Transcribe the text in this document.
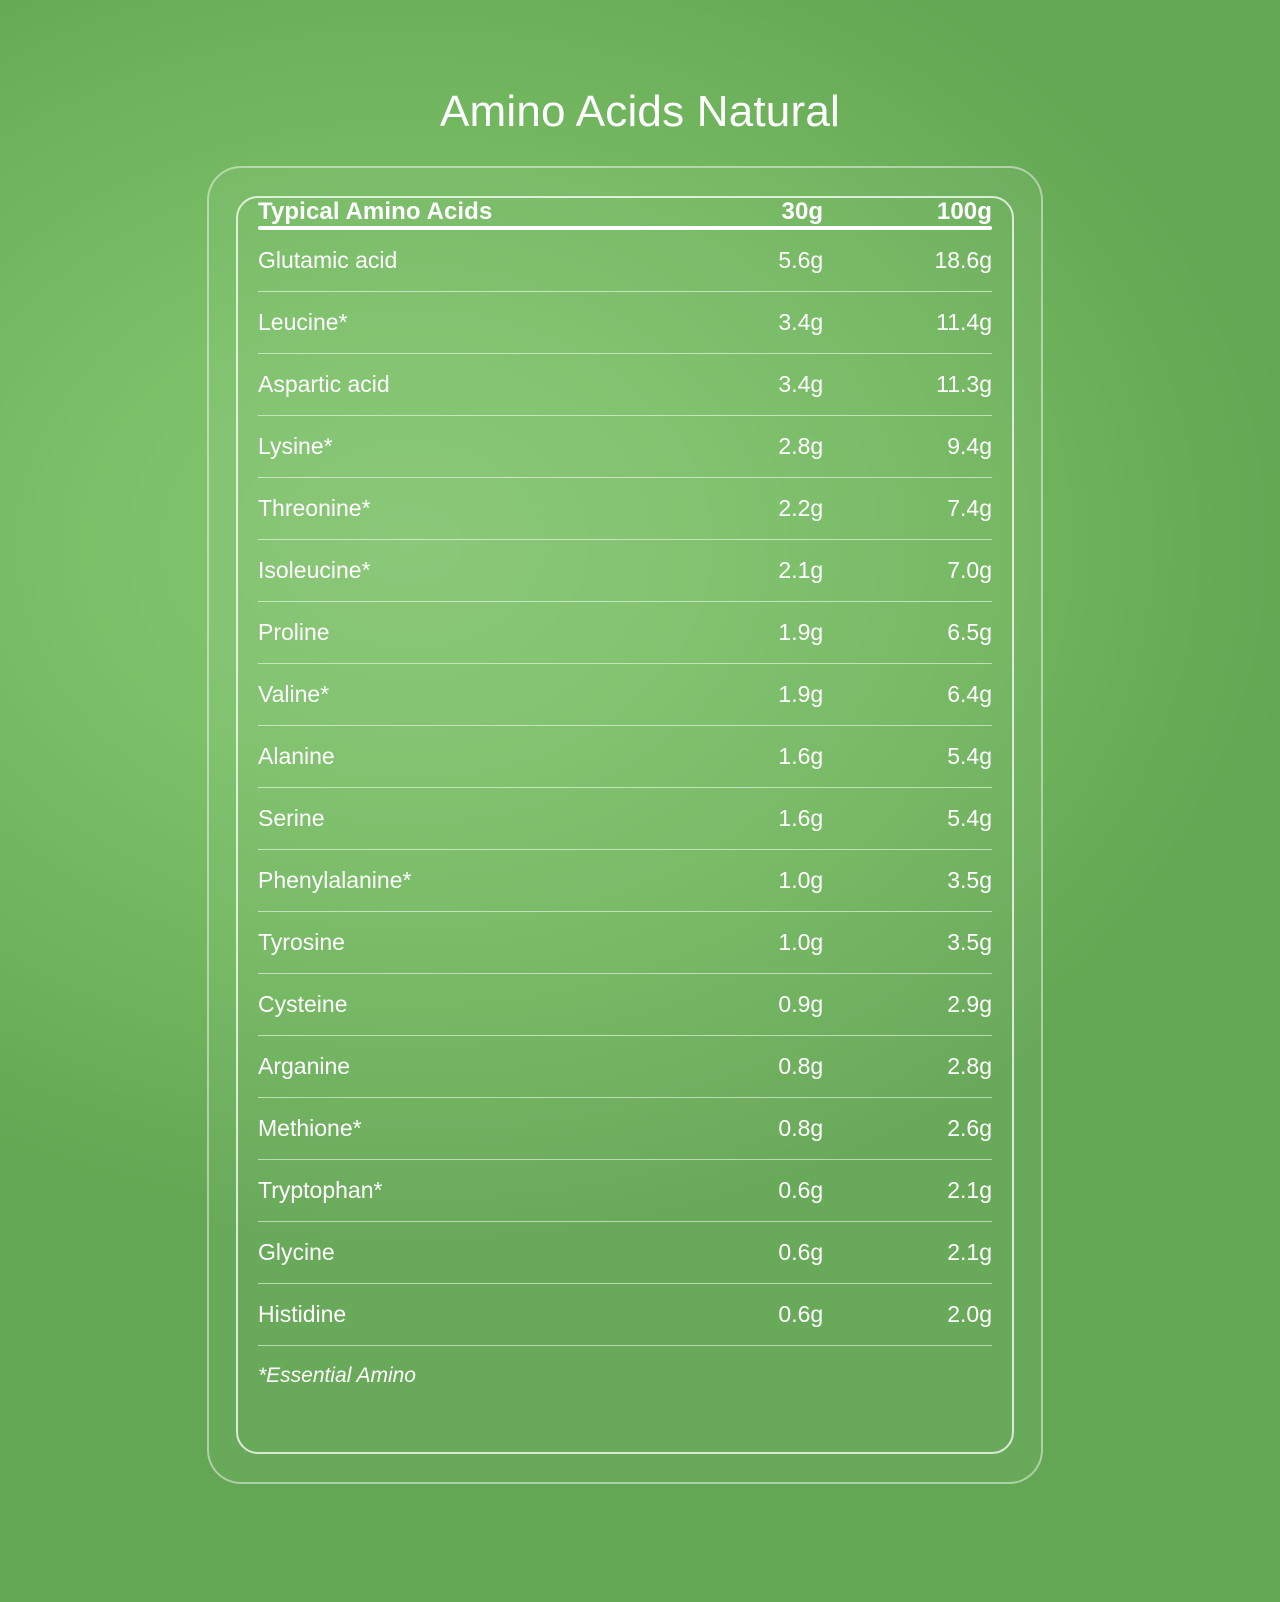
Amino Acids Natural
Typical Amino Acids	30g	100g

Glutamic acid	5.6g	18.6g
Leucine*	3.4g	11.4g
Aspartic acid	3.4g	11.3g
Lysine*	2.8g	9.4g
Threonine*	2.2g	7.4g
Isoleucine*	2.1g	7.0g
Proline	1.9g	6.5g
Valine*	1.9g	6.4g
Alanine	1.6g	5.4g
Serine	1.6g	5.4g
Phenylalanine*	1.0g	3.5g
Tyrosine	1.0g	3.5g
Cysteine	0.9g	2.9g
Arganine	0.8g	2.8g
Methione*	0.8g	2.6g
Tryptophan*	0.6g	2.1g
Glycine	0.6g	2.1g
Histidine	0.6g	2.0g
*Essential Amino
